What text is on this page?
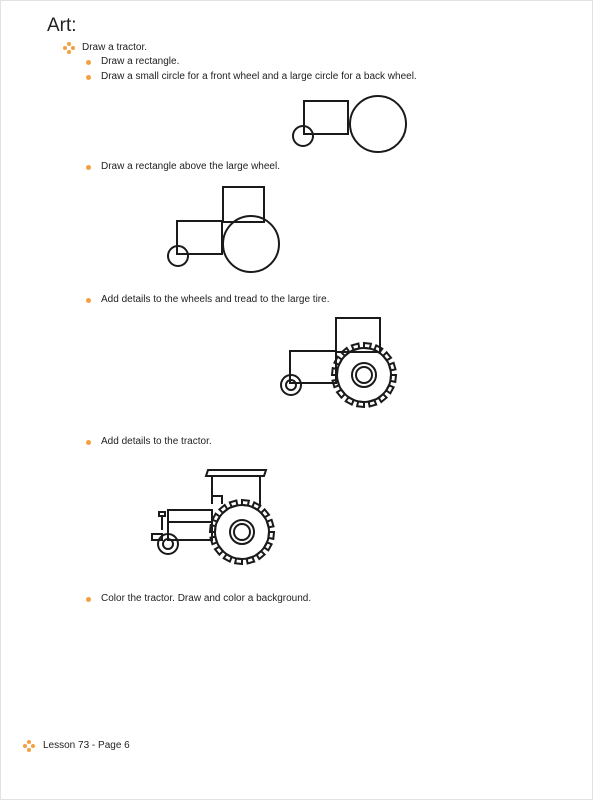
Art:
Draw a tractor.
Draw a rectangle.
Draw a small circle for a front wheel and a large circle for a back wheel.
Draw a rectangle above the large wheel.
Add details to the wheels and tread to the large tire.
Add details to the tractor.
Color the tractor. Draw and color a background.
Lesson 73 - Page 6
